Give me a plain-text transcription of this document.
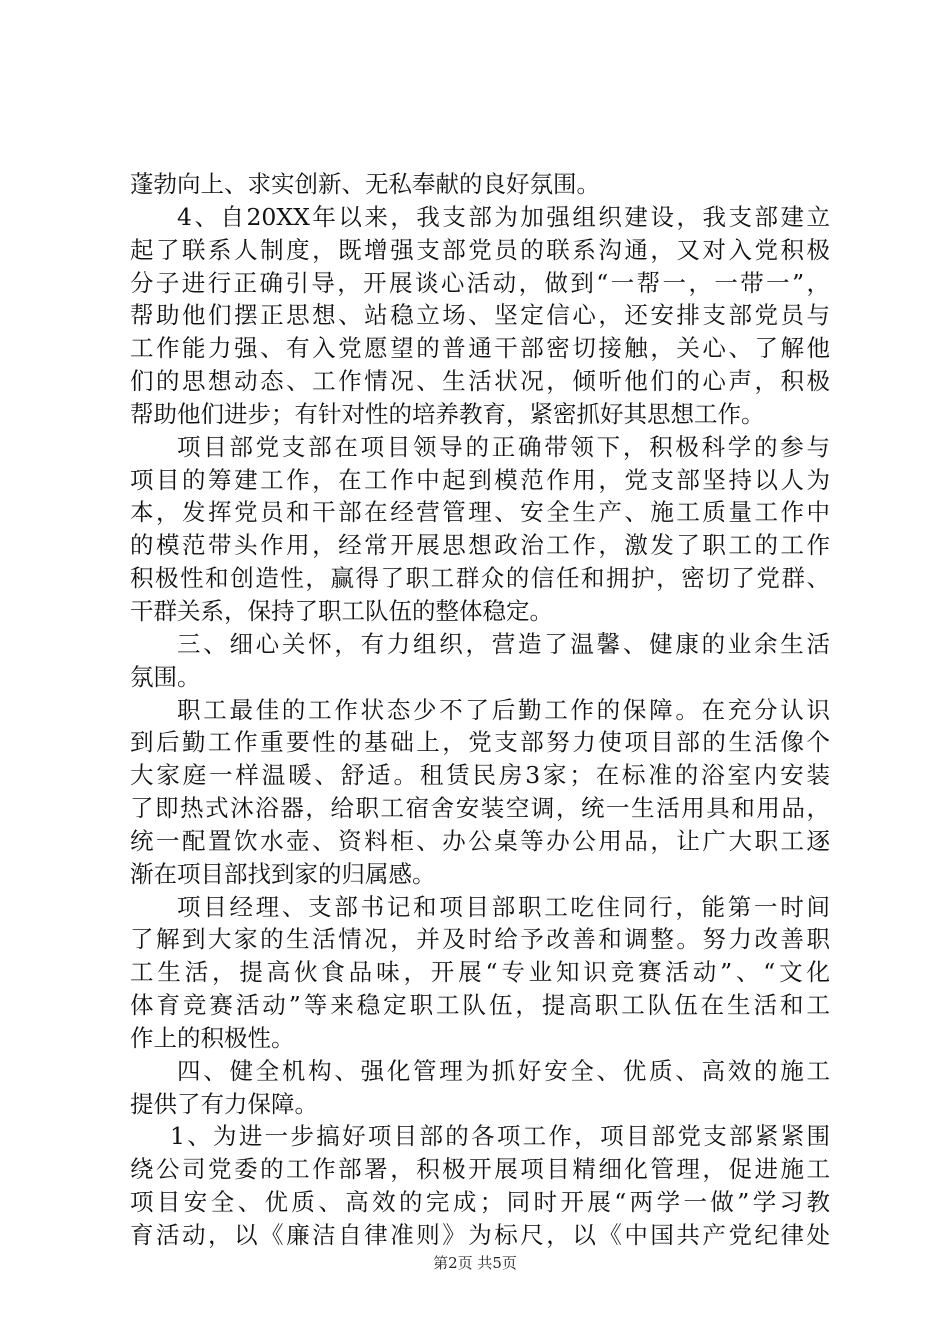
蓬勃向上、求实创新、无私奉献的良好氛围。
4、自20XX年以来，我支部为加强组织建设，我支部建立
起了联系人制度，既增强支部党员的联系沟通，又对入党积极
分子进行正确引导，开展谈心活动，做到“一帮一，一带一”，
帮助他们摆正思想、站稳立场、坚定信心，还安排支部党员与
工作能力强、有入党愿望的普通干部密切接触，关心、了解他
们的思想动态、工作情况、生活状况，倾听他们的心声，积极
帮助他们进步；有针对性的培养教育，紧密抓好其思想工作。
项目部党支部在项目领导的正确带领下，积极科学的参与
项目的筹建工作，在工作中起到模范作用，党支部坚持以人为
本，发挥党员和干部在经营管理、安全生产、施工质量工作中
的模范带头作用，经常开展思想政治工作，激发了职工的工作
积极性和创造性，赢得了职工群众的信任和拥护，密切了党群、
干群关系，保持了职工队伍的整体稳定。
三、细心关怀，有力组织，营造了温馨、健康的业余生活
氛围。
职工最佳的工作状态少不了后勤工作的保障。在充分认识
到后勤工作重要性的基础上，党支部努力使项目部的生活像个
大家庭一样温暖、舒适。租赁民房3家；在标准的浴室内安装
了即热式沐浴器，给职工宿舍安装空调，统一生活用具和用品，
统一配置饮水壶、资料柜、办公桌等办公用品，让广大职工逐
渐在项目部找到家的归属感。
项目经理、支部书记和项目部职工吃住同行，能第一时间
了解到大家的生活情况，并及时给予改善和调整。努力改善职
工生活，提高伙食品味，开展“专业知识竞赛活动”、“文化
体育竞赛活动”等来稳定职工队伍，提高职工队伍在生活和工
作上的积极性。
四、健全机构、强化管理为抓好安全、优质、高效的施工
提供了有力保障。
1、为进一步搞好项目部的各项工作，项目部党支部紧紧围
绕公司党委的工作部署，积极开展项目精细化管理，促进施工
项目安全、优质、高效的完成；同时开展“两学一做”学习教
育活动，以《廉洁自律准则》为标尺，以《中国共产党纪律处
第2页 共5页
